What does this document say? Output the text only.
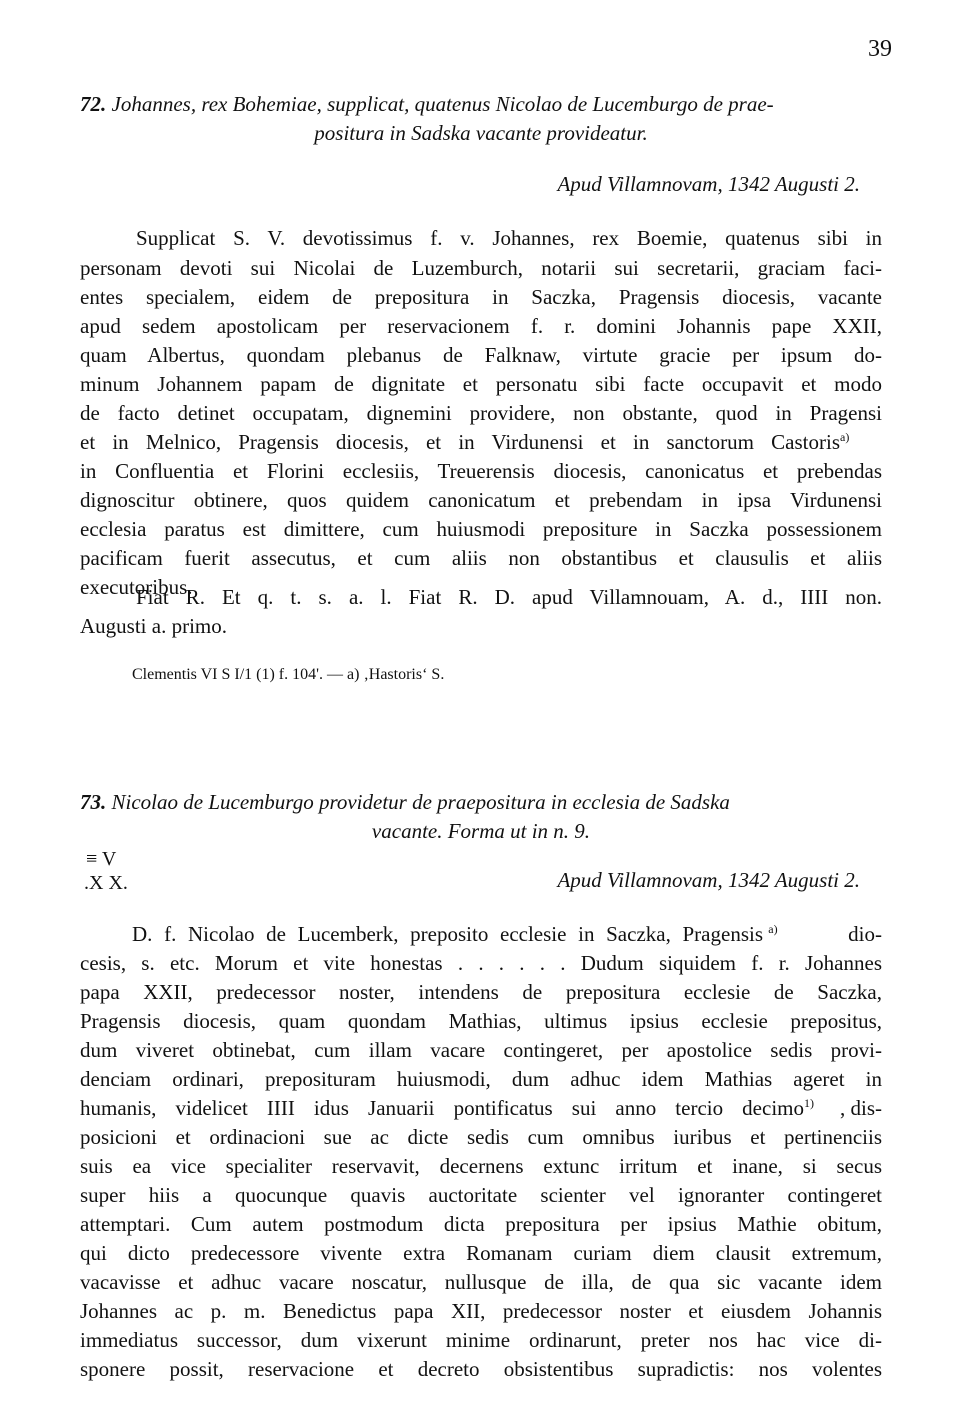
39
72. Johannes, rex Bohemiae, supplicat, quatenus Nicolao de Lucemburgo de prae-
positura in Sadska vacante provideatur.
Apud Villamnovam, 1342 Augusti 2.
Supplicat S. V. devotissimus f. v. Johannes, rex Boemie, quatenus sibi in
personam devoti sui Nicolai de Luzemburch, notarii sui secretarii, graciam faci-
entes specialem, eidem de prepositura in Saczka, Pragensis diocesis, vacante
apud sedem apostolicam per reservacionem f. r. domini Johannis pape XXII,
quam Albertus, quondam plebanus de Falknaw, virtute gracie per ipsum do-
minum Johannem papam de dignitate et personatu sibi facte occupavit et modo
de facto detinet occupatam, dignemini providere, non obstante, quod in Pragensi
et in Melnico, Pragensis diocesis, et in Virdunensi et in sanctorum Castoris$^{a)}$
in Confluentia et Florini ecclesiis, Treuerensis diocesis, canonicatus et prebendas
dignoscitur obtinere, quos quidem canonicatum et prebendam in ipsa Virdunensi
ecclesia paratus est dimittere, cum huiusmodi prepositure in Saczka possessionem
pacificam fuerit assecutus, et cum aliis non obstantibus et clausulis et aliis
executoribus.
Fiat R. Et q. t. s. a. l. Fiat R. D. apud Villamnouam, A. d., IIII non.
Augusti a. primo.
Clementis VI S I/1 (1) f. 104'. — a) ‚Hastoris‘ S.
73. Nicolao de Lucemburgo providetur de praepositura in ecclesia de Sadska
vacante. Forma ut in n. 9.
≡ V
.X X.	Apud Villamnovam, 1342 Augusti 2.
D. f. Nicolao de Lucemberk, preposito ecclesie in Saczka, Pragensis $^{a)}$	dio-
cesis, s. etc. Morum et vite honestas . . . . . . Dudum siquidem f. r. Johannes
papa XXII, predecessor noster, intendens de prepositura ecclesie de Saczka,
Pragensis diocesis, quam quondam Mathias, ultimus ipsius ecclesie prepositus,
dum viveret obtinebat, cum illam vacare contingeret, per apostolice sedis provi-
denciam ordinari, preposituram huiusmodi, dum adhuc idem Mathias ageret in
humanis, videlicet IIII idus Januarii pontificatus sui anno tercio decimo$^{1)}$ , dis-
posicioni et ordinacioni sue ac dicte sedis cum omnibus iuribus et pertinenciis
suis ea vice specialiter reservavit, decernens extunc irritum et inane, si secus
super hiis a quocunque quavis auctoritate scienter vel ignoranter contingeret
attemptari. Cum autem postmodum dicta prepositura per ipsius Mathie obitum,
qui dicto predecessore vivente extra Romanam curiam diem clausit extremum,
vacavisse et adhuc vacare noscatur, nullusque de illa, de qua sic vacante idem
Johannes ac p. m. Benedictus papa XII, predecessor noster et eiusdem Johannis
immediatus successor, dum vixerunt minime ordinarunt, preter nos hac vice di-
sponere possit, reservacione et decreto obsistentibus supradictis: nos volentes
